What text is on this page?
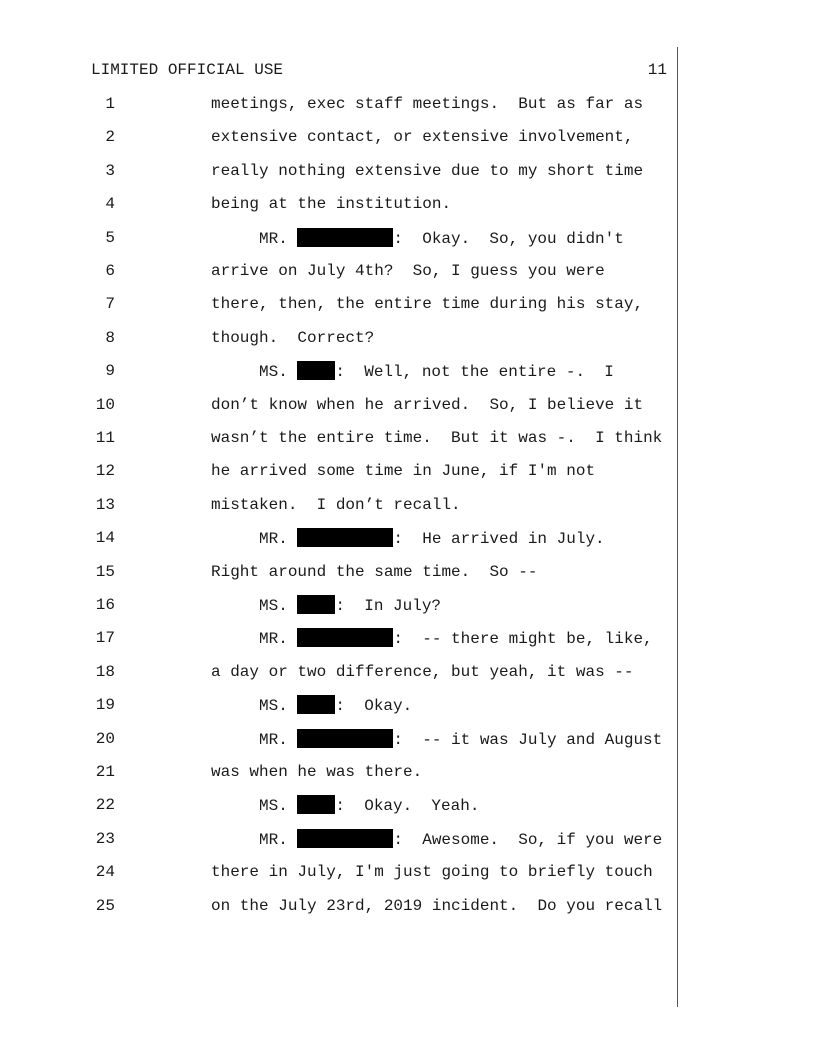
LIMITED OFFICIAL USE	11
1	meetings, exec staff meetings.  But as far as
2	extensive contact, or extensive involvement,
3	really nothing extensive due to my short time
4	being at the institution.
5	MR.	:  Okay.  So, you didn't
6	arrive on July 4th?  So, I guess you were
7	there, then, the entire time during his stay,
8	though.  Correct?
9	MS. :  Well, not the entire -.  I
10	don’t know when he arrived.  So, I believe it
11	wasn’t the entire time.  But it was -.  I think
12	he arrived some time in June, if I'm not
13	mistaken.  I don’t recall.
14	MR.	:  He arrived in July.
15	Right around the same time.  So --
16	MS. :  In July?
17	MR.	:  -- there might be, like,
18	a day or two difference, but yeah, it was --
19	MS. :  Okay.
20	MR.	:  -- it was July and August
21	was when he was there.
22	MS. :  Okay.  Yeah.
23	MR.	:  Awesome.  So, if you were
24	there in July, I'm just going to briefly touch
25	on the July 23rd, 2019 incident.  Do you recall
